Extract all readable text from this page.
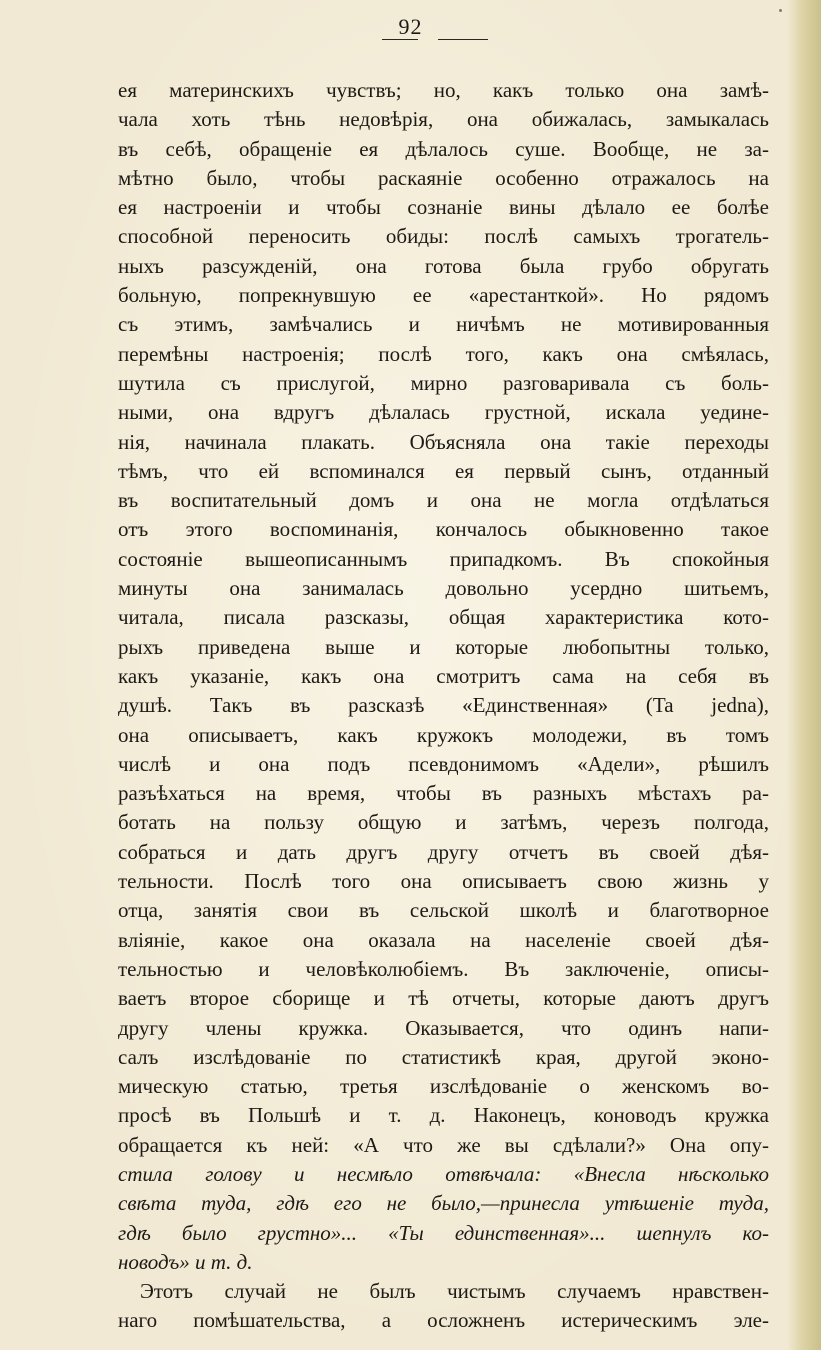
92
ея материнскихъ чувствъ; но, какъ только она замѣ-
чала хоть тѣнь недовѣрія, она обижалась, замыкалась
въ себѣ, обращеніе ея дѣлалось суше. Вообще, не за-
мѣтно было, чтобы раскаяніе особенно отражалось на
ея настроеніи и чтобы сознаніе вины дѣлало ее болѣе
способной переносить обиды: послѣ самыхъ трогатель-
ныхъ разсужденій, она готова была грубо обругать
больную, попрекнувшую ее «арестанткой». Но рядомъ
съ этимъ, замѣчались и ничѣмъ не мотивированныя
перемѣны настроенія; послѣ того, какъ она смѣялась,
шутила съ прислугой, мирно разговаривала съ боль-
ными, она вдругъ дѣлалась грустной, искала уедине-
нія, начинала плакать. Объясняла она такіе переходы
тѣмъ, что ей вспоминался ея первый сынъ, отданный
въ воспитательный домъ и она не могла отдѣлаться
отъ этого воспоминанія, кончалось обыкновенно такое
состояніе вышеописаннымъ припадкомъ. Въ спокойныя
минуты она занималась довольно усердно шитьемъ,
читала, писала разсказы, общая характеристика кото-
рыхъ приведена выше и которые любопытны только,
какъ указаніе, какъ она смотритъ сама на себя въ
душѣ. Такъ въ разсказѣ «Единственная» (Ta jedna),
она описываетъ, какъ кружокъ молодежи, въ томъ
числѣ и она подъ псевдонимомъ «Адели», рѣшилъ
разъѣхаться на время, чтобы въ разныхъ мѣстахъ ра-
ботать на пользу общую и затѣмъ, черезъ полгода,
собраться и дать другъ другу отчетъ въ своей дѣя-
тельности. Послѣ того она описываетъ свою жизнь у
отца, занятія свои въ сельской школѣ и благотворное
вліяніе, какое она оказала на населеніе своей дѣя-
тельностью и человѣколюбіемъ. Въ заключеніе, описы-
ваетъ второе сборище и тѣ отчеты, которые даютъ другъ
другу члены кружка. Оказывается, что одинъ напи-
салъ изслѣдованіе по статистикѣ края, другой эконо-
мическую статью, третья изслѣдованіе о женскомъ во-
просѣ въ Польшѣ и т. д. Наконецъ, коноводъ кружка
обращается къ ней: «А что же вы сдѣлали?» Она опу-
стила голову и несмѣло отвѣчала: «Внесла нѣсколько
свѣта туда, гдѣ его не было,—принесла утѣшеніе туда,
гдѣ было грустно»... «Ты единственная»... шепнулъ ко-
новодъ» и т. д.
Этотъ случай не былъ чистымъ случаемъ нравствен-
наго помѣшательства, а осложненъ истерическимъ эле-
